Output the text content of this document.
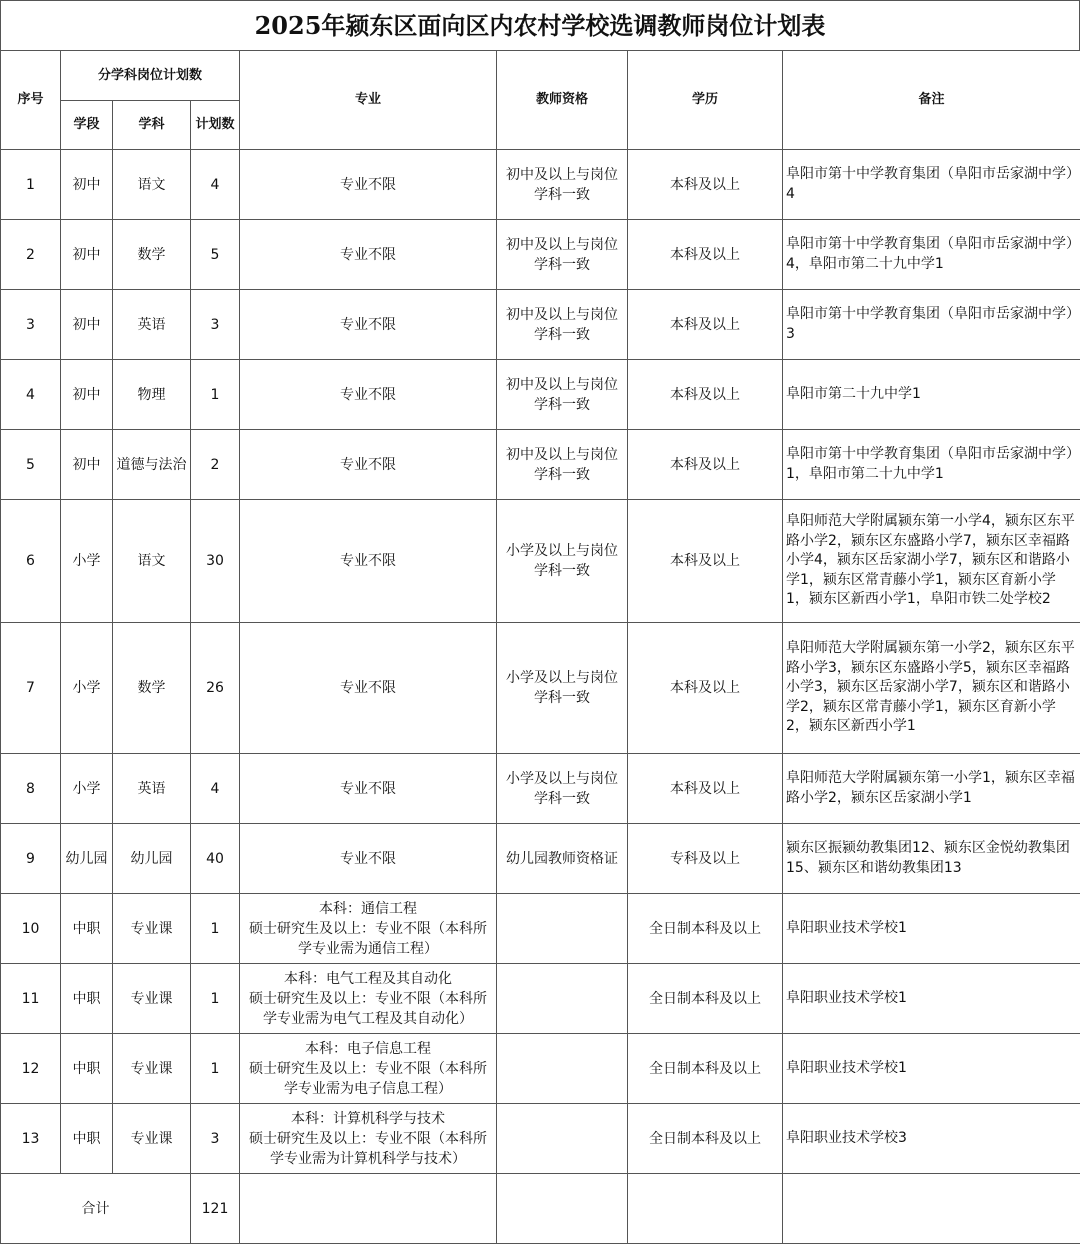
2025年颍东区面向区内农村学校选调教师岗位计划表
序号	分学科岗位计划数			专业	教师资格	学历	备注
	学段	学科	计划数				
1	初中	语文	4	专业不限	初中及以上与岗位学科一致	本科及以上	阜阳市第十中学教育集团（阜阳市岳家湖中学）4
2	初中	数学	5	专业不限	初中及以上与岗位学科一致	本科及以上	阜阳市第十中学教育集团（阜阳市岳家湖中学）4，阜阳市第二十九中学1
3	初中	英语	3	专业不限	初中及以上与岗位学科一致	本科及以上	阜阳市第十中学教育集团（阜阳市岳家湖中学）3
4	初中	物理	1	专业不限	初中及以上与岗位学科一致	本科及以上	阜阳市第二十九中学1
5	初中	道德与法治	2	专业不限	初中及以上与岗位学科一致	本科及以上	阜阳市第十中学教育集团（阜阳市岳家湖中学）1，阜阳市第二十九中学1
6	小学	语文	30	专业不限	小学及以上与岗位学科一致	本科及以上	阜阳师范大学附属颍东第一小学4，颍东区东平路小学2，颍东区东盛路小学7，颍东区幸福路小学4，颍东区岳家湖小学7，颍东区和谐路小学1，颍东区常青藤小学1，颍东区育新小学1，颍东区新西小学1，阜阳市铁二处学校2
7	小学	数学	26	专业不限	小学及以上与岗位学科一致	本科及以上	阜阳师范大学附属颍东第一小学2，颍东区东平路小学3，颍东区东盛路小学5，颍东区幸福路小学3，颍东区岳家湖小学7，颍东区和谐路小学2，颍东区常青藤小学1，颍东区育新小学2，颍东区新西小学1
8	小学	英语	4	专业不限	小学及以上与岗位学科一致	本科及以上	阜阳师范大学附属颍东第一小学1，颍东区幸福路小学2，颍东区岳家湖小学1
9	幼儿园	幼儿园	40	专业不限	幼儿园教师资格证	专科及以上	颍东区振颍幼教集团12、颍东区金悦幼教集团15、颍东区和谐幼教集团13
10	中职	专业课	1	本科：通信工程
硕士研究生及以上：专业不限（本科所学专业需为通信工程）		全日制本科及以上	阜阳职业技术学校1
11	中职	专业课	1	本科：电气工程及其自动化
硕士研究生及以上：专业不限（本科所学专业需为电气工程及其自动化）		全日制本科及以上	阜阳职业技术学校1
12	中职	专业课	1	本科：电子信息工程
硕士研究生及以上：专业不限（本科所学专业需为电子信息工程）		全日制本科及以上	阜阳职业技术学校1
13	中职	专业课	3	本科：计算机科学与技术
硕士研究生及以上：专业不限（本科所学专业需为计算机科学与技术）		全日制本科及以上	阜阳职业技术学校3
合计			121				
